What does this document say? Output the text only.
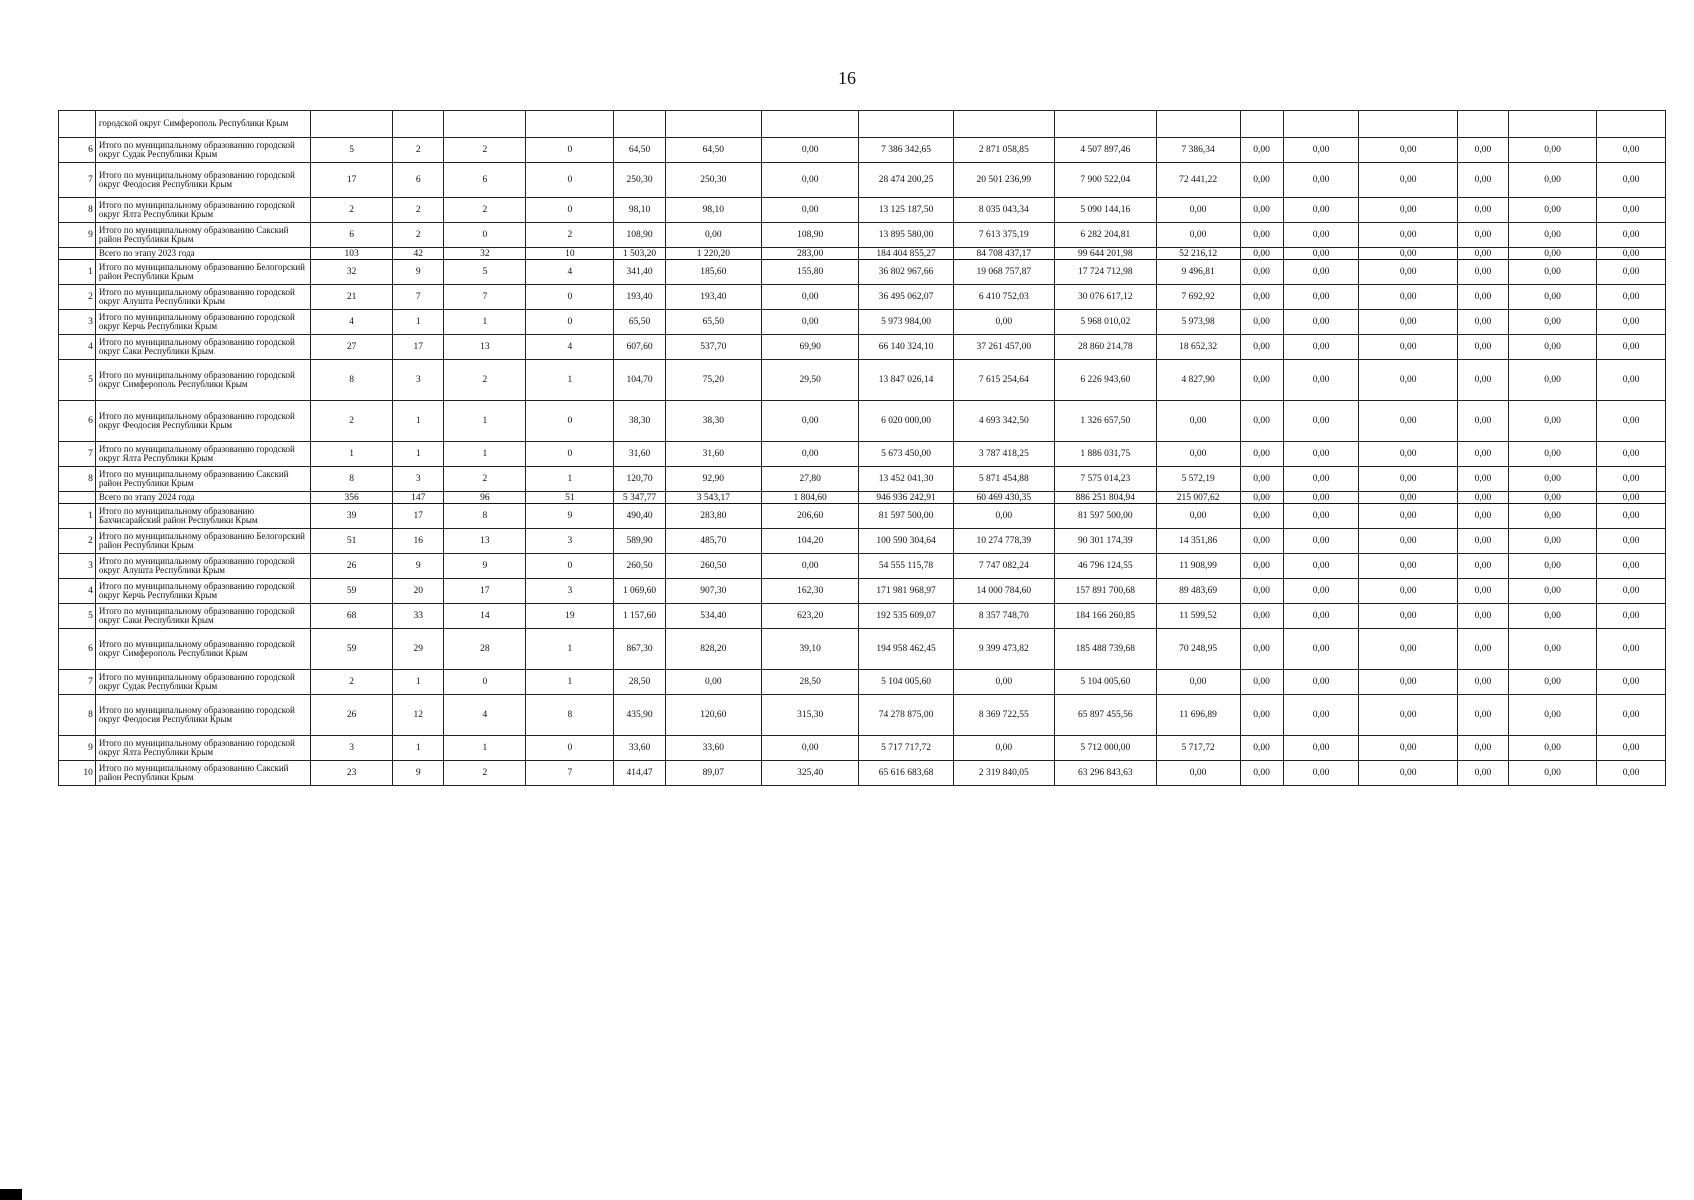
16
	городской округ Симферополь Республики Крым																	
6	Итого по муниципальному образованию городской округ Судак Республики Крым	5	2	2	0	64,50	64,50	0,00	7 386 342,65	2 871 058,85	4 507 897,46	7 386,34	0,00	0,00	0,00	0,00	0,00	0,00
7	Итого по муниципальному образованию городской округ Феодосия Республики Крым	17	6	6	0	250,30	250,30	0,00	28 474 200,25	20 501 236,99	7 900 522,04	72 441,22	0,00	0,00	0,00	0,00	0,00	0,00
8	Итого по муниципальному образованию городской округ Ялта Республики Крым	2	2	2	0	98,10	98,10	0,00	13 125 187,50	8 035 043,34	5 090 144,16	0,00	0,00	0,00	0,00	0,00	0,00	0,00
9	Итого по муниципальному образованию Сакский район Республики Крым	6	2	0	2	108,90	0,00	108,90	13 895 580,00	7 613 375,19	6 282 204,81	0,00	0,00	0,00	0,00	0,00	0,00	0,00
	Всего по этапу 2023 года	103	42	32	10	1 503,20	1 220,20	283,00	184 404 855,27	84 708 437,17	99 644 201,98	52 216,12	0,00	0,00	0,00	0,00	0,00	0,00
1	Итого по муниципальному образованию Белогорский район Республики Крым	32	9	5	4	341,40	185,60	155,80	36 802 967,66	19 068 757,87	17 724 712,98	9 496,81	0,00	0,00	0,00	0,00	0,00	0,00
2	Итого по муниципальному образованию городской округ Алушта Республики Крым	21	7	7	0	193,40	193,40	0,00	36 495 062,07	6 410 752,03	30 076 617,12	7 692,92	0,00	0,00	0,00	0,00	0,00	0,00
3	Итого по муниципальному образованию городской округ Керчь Республики Крым	4	1	1	0	65,50	65,50	0,00	5 973 984,00	0,00	5 968 010,02	5 973,98	0,00	0,00	0,00	0,00	0,00	0,00
4	Итого по муниципальному образованию городской округ Саки Республики Крым	27	17	13	4	607,60	537,70	69,90	66 140 324,10	37 261 457,00	28 860 214,78	18 652,32	0,00	0,00	0,00	0,00	0,00	0,00
5	Итого по муниципальному образованию городской округ Симферополь Республики Крым	8	3	2	1	104,70	75,20	29,50	13 847 026,14	7 615 254,64	6 226 943,60	4 827,90	0,00	0,00	0,00	0,00	0,00	0,00
6	Итого по муниципальному образованию городской округ Феодосия Республики Крым	2	1	1	0	38,30	38,30	0,00	6 020 000,00	4 693 342,50	1 326 657,50	0,00	0,00	0,00	0,00	0,00	0,00	0,00
7	Итого по муниципальному образованию городской округ Ялта Республики Крым	1	1	1	0	31,60	31,60	0,00	5 673 450,00	3 787 418,25	1 886 031,75	0,00	0,00	0,00	0,00	0,00	0,00	0,00
8	Итого по муниципальному образованию Сакский район Республики Крым	8	3	2	1	120,70	92,90	27,80	13 452 041,30	5 871 454,88	7 575 014,23	5 572,19	0,00	0,00	0,00	0,00	0,00	0,00
	Всего по этапу 2024 года	356	147	96	51	5 347,77	3 543,17	1 804,60	946 936 242,91	60 469 430,35	886 251 804,94	215 007,62	0,00	0,00	0,00	0,00	0,00	0,00
1	Итого по муниципальному образованию Бахчисарайский район Республики Крым	39	17	8	9	490,40	283,80	206,60	81 597 500,00	0,00	81 597 500,00	0,00	0,00	0,00	0,00	0,00	0,00	0,00
2	Итого по муниципальному образованию Белогорский район Республики Крым	51	16	13	3	589,90	485,70	104,20	100 590 304,64	10 274 778,39	90 301 174,39	14 351,86	0,00	0,00	0,00	0,00	0,00	0,00
3	Итого по муниципальному образованию городской округ Алушта Республики Крым	26	9	9	0	260,50	260,50	0,00	54 555 115,78	7 747 082,24	46 796 124,55	11 908,99	0,00	0,00	0,00	0,00	0,00	0,00
4	Итого по муниципальному образованию городской округ Керчь Республики Крым	59	20	17	3	1 069,60	907,30	162,30	171 981 968,97	14 000 784,60	157 891 700,68	89 483,69	0,00	0,00	0,00	0,00	0,00	0,00
5	Итого по муниципальному образованию городской округ Саки Республики Крым	68	33	14	19	1 157,60	534,40	623,20	192 535 609,07	8 357 748,70	184 166 260,85	11 599,52	0,00	0,00	0,00	0,00	0,00	0,00
6	Итого по муниципальному образованию городской округ Симферополь Республики Крым	59	29	28	1	867,30	828,20	39,10	194 958 462,45	9 399 473,82	185 488 739,68	70 248,95	0,00	0,00	0,00	0,00	0,00	0,00
7	Итого по муниципальному образованию городской округ Судак Республики Крым	2	1	0	1	28,50	0,00	28,50	5 104 005,60	0,00	5 104 005,60	0,00	0,00	0,00	0,00	0,00	0,00	0,00
8	Итого по муниципальному образованию городской округ Феодосия Республики Крым	26	12	4	8	435,90	120,60	315,30	74 278 875,00	8 369 722,55	65 897 455,56	11 696,89	0,00	0,00	0,00	0,00	0,00	0,00
9	Итого по муниципальному образованию городской округ Ялта Республики Крым	3	1	1	0	33,60	33,60	0,00	5 717 717,72	0,00	5 712 000,00	5 717,72	0,00	0,00	0,00	0,00	0,00	0,00
10	Итого по муниципальному образованию Сакский район Республики Крым	23	9	2	7	414,47	89,07	325,40	65 616 683,68	2 319 840,05	63 296 843,63	0,00	0,00	0,00	0,00	0,00	0,00	0,00
